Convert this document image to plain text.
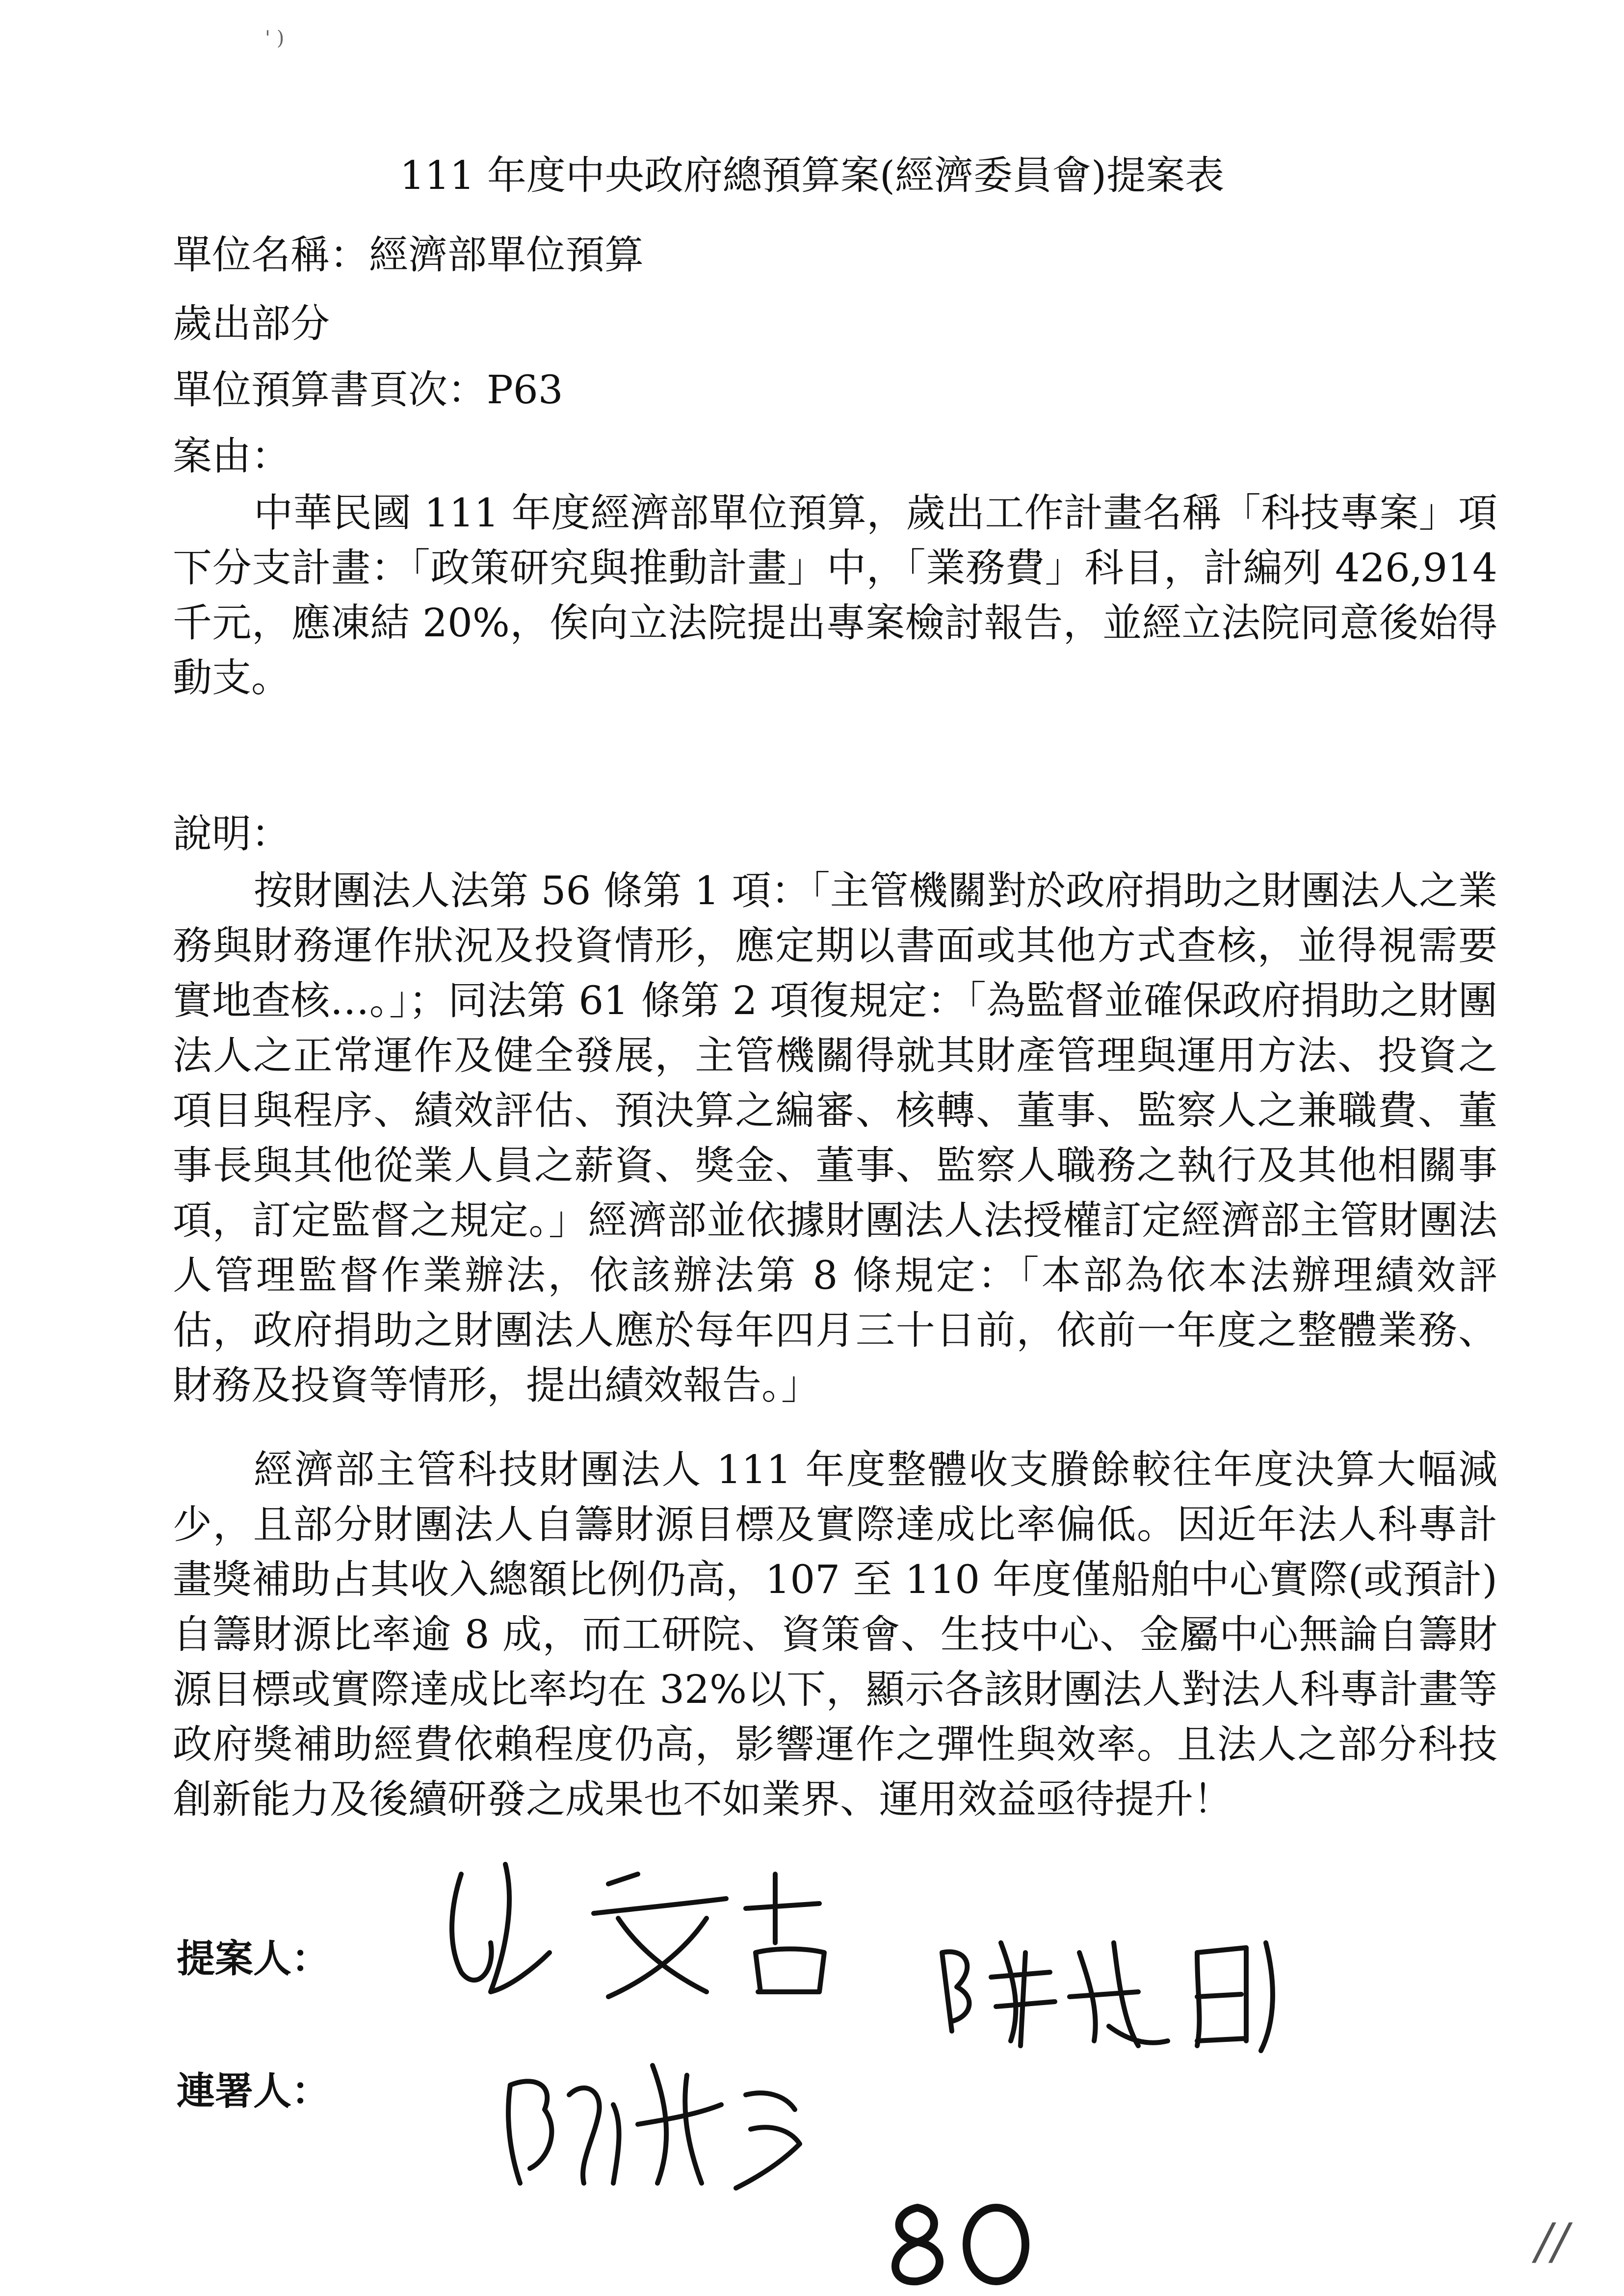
' )
111 年度中央政府總預算案(經濟委員會)提案表
單位名稱：經濟部單位預算
歲出部分
單位預算書頁次：P63
案由：
中華民國 111 年度經濟部單位預算，歲出工作計畫名稱「科技專案」項下分支計畫：「政策研究與推動計畫」中，「業務費」科目，計編列 426,914 千元，應凍結 20%，俟向立法院提出專案檢討報告，並經立法院同意後始得動支。
說明：
按財團法人法第 56 條第 1 項：「主管機關對於政府捐助之財團法人之業務與財務運作狀況及投資情形，應定期以書面或其他方式查核，並得視需要實地查核…。」；同法第 61 條第 2 項復規定：「為監督並確保政府捐助之財團法人之正常運作及健全發展，主管機關得就其財產管理與運用方法、投資之項目與程序、績效評估、預決算之編審、核轉、董事、監察人之兼職費、董事長與其他從業人員之薪資、獎金、董事、監察人職務之執行及其他相關事項，訂定監督之規定。」經濟部並依據財團法人法授權訂定經濟部主管財團法人管理監督作業辦法，依該辦法第 8 條規定：「本部為依本法辦理績效評估，政府捐助之財團法人應於每年四月三十日前，依前一年度之整體業務、財務及投資等情形，提出績效報告。」
經濟部主管科技財團法人 111 年度整體收支賸餘較往年度決算大幅減少，且部分財團法人自籌財源目標及實際達成比率偏低。因近年法人科專計畫獎補助占其收入總額比例仍高，107 至 110 年度僅船舶中心實際(或預計)自籌財源比率逾 8 成，而工研院、資策會、生技中心、金屬中心無論自籌財源目標或實際達成比率均在 32%以下，顯示各該財團法人對法人科專計畫等政府獎補助經費依賴程度仍高，影響運作之彈性與效率。且法人之部分科技創新能力及後續研發之成果也不如業界、運用效益亟待提升！
提案人：
連署人：
//
